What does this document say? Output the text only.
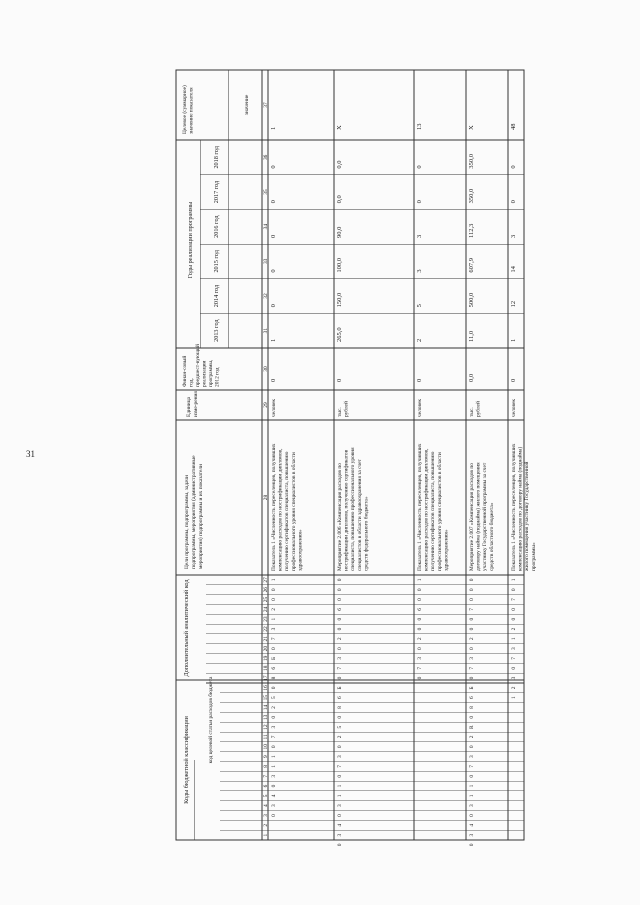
31
Коды бюджетной классификации
Дополнительный аналитический код
Годы реализации программы
Цели программы, подпрограммы, задачи подпрограммы, мероприятия (административные мероприятия) подпрограммы и их показатели
Единица изме-рения
Финан-совый год, предшест-вующий реализации программы, 2012 год
Целевое (суммарное) значение показателя	значение
код целевой статьи расходов бюджета
2013 год
2014 год
2015 год
2016 год
2017 год
2018 год
1
2
3
4
5
6
7
8
9
10
11
12
13
14
15
16
17
18
19
20
21
22
23
24
25
26
27
28
29
30
31
32
33
34
35
36
37
0
3
4
0
3
1
1
0
7
3
0
2
5
0
8
6
Б
0
7
3
1
2
0
0
1
Показатель 1 «Численность переселенцев, получивших компенсацию расходов по нострификации дипломов, получению сертификатов специалиста, повышению профессионального уровня специалистов в области здравоохранения»
человек
0
1
0
0
0
0
0
1
0
3
4
0
3
1
1
0
7
3
0
2
5
0
8
6
Б
0
7
3
0
2
0
0
6
0
0
0
Мероприятие 2.006 «Компенсация расходов по нострификации дипломов, получению сертификатов специалиста, повышению профессионального уровня специалистов в области здравоохранения за счет средств федерального бюджета»
тыс. рублей
0
265,0
150,0
100,0
90,0
0,0
0,0
Х
0
7
3
0
2
0
0
6
0
0
1
Показатель 1 «Численность переселенцев, получивших компенсацию расходов по нострификации дипломов, получению сертификатов специалиста, повышению профессионального уровня специалистов в области здравоохранения»
человек
0
2
5
3
3
0
0
13
0
3
4
0
3
1
1
0
7
3
0
2
R
0
8
6
Б
0
7
3
0
2
0
0
7
0
0
0
Мероприятие 2.007 «Компенсация расходов по договору найма (поднайма) жилого помещения участнику Государственной программы за счет средств областного бюджета»
тыс. рублей
0,0
11,0
500,0
607,9
112,3
350,0
350,0
Х
1
2
3
0
7
3
1
2
0
0
7
0
1
Показатель 1 «Численность переселенцев, получивших компенсацию расходов по договору найма (поднайма) жилого помещения участнику Государственной программы»
человек
0
1
12
14
3
0
0
48
